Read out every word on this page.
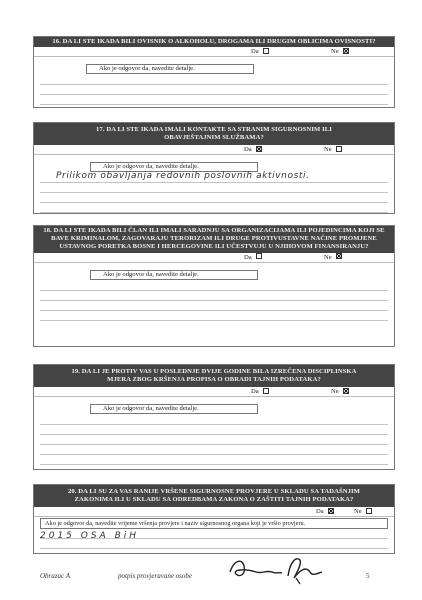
16. DA LI STE IKADA BILI OVISNIK O ALKOHOLU, DROGAMA ILI DRUGIM OBLICIMA OVISNOSTI?
Da	Ne
Ako je odgovor da, navedite detalje.
17. DA LI STE IKADA IMALI KONTAKTE SA STRANIM SIGURNOSNIM ILI OBAVJEŠTAJNIM SLUŽBAMA?
Da	Ne
Ako je odgovor da, navedite detalje.
Prilikom obavljanja redovnih poslovnih aktivnosti.
18. DA LI STE IKADA BILI ČLAN ILI IMALI SARADNJU SA ORGANIZACIJAMA ILI POJEDINCIMA KOJI SE BAVE KRIMINALOM, ZAGOVARAJU TERORIZAM ILI DRUGE PROTIVUSTAVNE NAČINE PROMJENE USTAVNOG PORETKA BOSNE I HERCEGOVINE ILI UČESTVUJU U NJIHOVOM FINANSIRANJU?
Da	Ne
Ako je odgovor da, navedite detalje.
19. DA LI JE PROTIV VAS U POSLEDNJE DVIJE GODINE BILA IZREČENA DISCIPLINSKA MJERA ZBOG KRŠENJA PROPISA O OBRADI TAJNIH PODATAKA?
Da	Ne
Ako je odgovor da, navedite detalje.
20. DA LI SU ZA VAS RANIJE VRŠENE SIGURNOSNE PROVJERE U SKLADU SA TADAŠNJIM ZAKONIMA ILI U SKLADU SA ODREDBAMA ZAKONA O ZAŠTITI TAJNIH PODATAKA?
Da	Ne
Ako je odgovor da, navedite vrijeme vršenja provjere i naziv sigurnosnog organa koji je vršio provjeru.
2015 OSA BiH
Obrazac A	potpis provjeravane osobe	5
